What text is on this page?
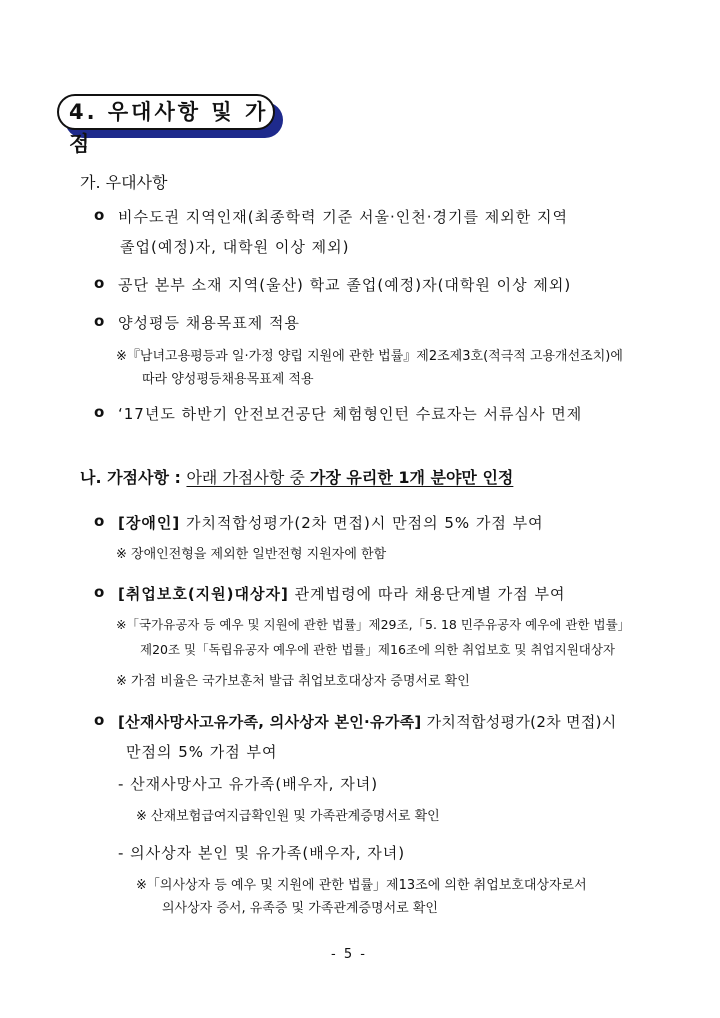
4. 우대사항 및 가점
가. 우대사항
o 비수도권 지역인재(최종학력 기준 서울·인천·경기를 제외한 지역
졸업(예정)자, 대학원 이상 제외)
o 공단 본부 소재 지역(울산) 학교 졸업(예정)자(대학원 이상 제외)
o 양성평등 채용목표제 적용
※『남녀고용평등과 일·가정 양립 지원에 관한 법률』제2조제3호(적극적 고용개선조치)에
따라 양성평등채용목표제 적용
o ‘17년도 하반기 안전보건공단 체험형인턴 수료자는 서류심사 면제
나. 가점사항 : 아래 가점사항 중 가장 유리한 1개 분야만 인정
o [장애인] 가치적합성평가(2차 면접)시 만점의 5% 가점 부여
※ 장애인전형을 제외한 일반전형 지원자에 한함
o [취업보호(지원)대상자] 관계법령에 따라 채용단계별 가점 부여
※「국가유공자 등 예우 및 지원에 관한 법률」제29조,「5. 18 민주유공자 예우에 관한 법률」
제20조 및「독립유공자 예우에 관한 법률」제16조에 의한 취업보호 및 취업지원대상자
※ 가점 비율은 국가보훈처 발급 취업보호대상자 증명서로 확인
o [산재사망사고유가족, 의사상자 본인·유가족] 가치적합성평가(2차 면접)시
만점의 5% 가점 부여
- 산재사망사고 유가족(배우자, 자녀)
※ 산재보험급여지급확인원 및 가족관계증명서로 확인
- 의사상자 본인 및 유가족(배우자, 자녀)
※「의사상자 등 예우 및 지원에 관한 법률」제13조에 의한 취업보호대상자로서
의사상자 증서, 유족증 및 가족관계증명서로 확인
- 5 -
